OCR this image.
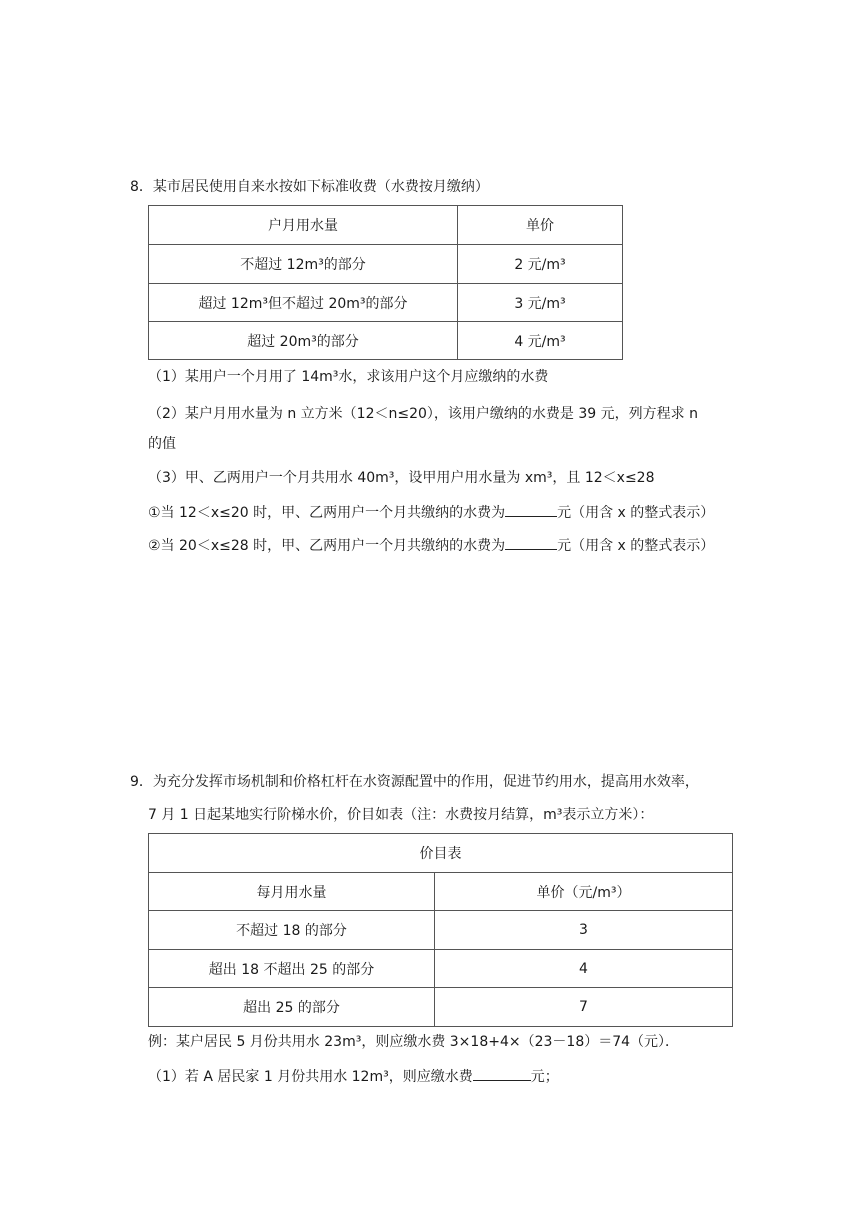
8．某市居民使用自来水按如下标准收费（水费按月缴纳）
户月用水量	单价
不超过 12m³的部分	2 元/m³
超过 12m³但不超过 20m³的部分	3 元/m³
超过 20m³的部分	4 元/m³
（1）某用户一个月用了 14m³水，求该用户这个月应缴纳的水费
（2）某户月用水量为 n 立方米（12＜n≤20），该用户缴纳的水费是 39 元，列方程求 n
的值
（3）甲、乙两用户一个月共用水 40m³，设甲用户用水量为 xm³，且 12＜x≤28
①当 12＜x≤20 时，甲、乙两用户一个月共缴纳的水费为	元（用含 x 的整式表示）
②当 20＜x≤28 时，甲、乙两用户一个月共缴纳的水费为	元（用含 x 的整式表示）
9．为充分发挥市场机制和价格杠杆在水资源配置中的作用，促进节约用水，提高用水效率，
7 月 1 日起某地实行阶梯水价，价目如表（注：水费按月结算，m³表示立方米）：
价目表	
每月用水量	单价（元/m³）
不超过 18 的部分	3
超出 18 不超出 25 的部分	4
超出 25 的部分	7
例：某户居民 5 月份共用水 23m³，则应缴水费 3×18+4×（23－18）＝74（元）．
（1）若 A 居民家 1 月份共用水 12m³，则应缴水费	元；
